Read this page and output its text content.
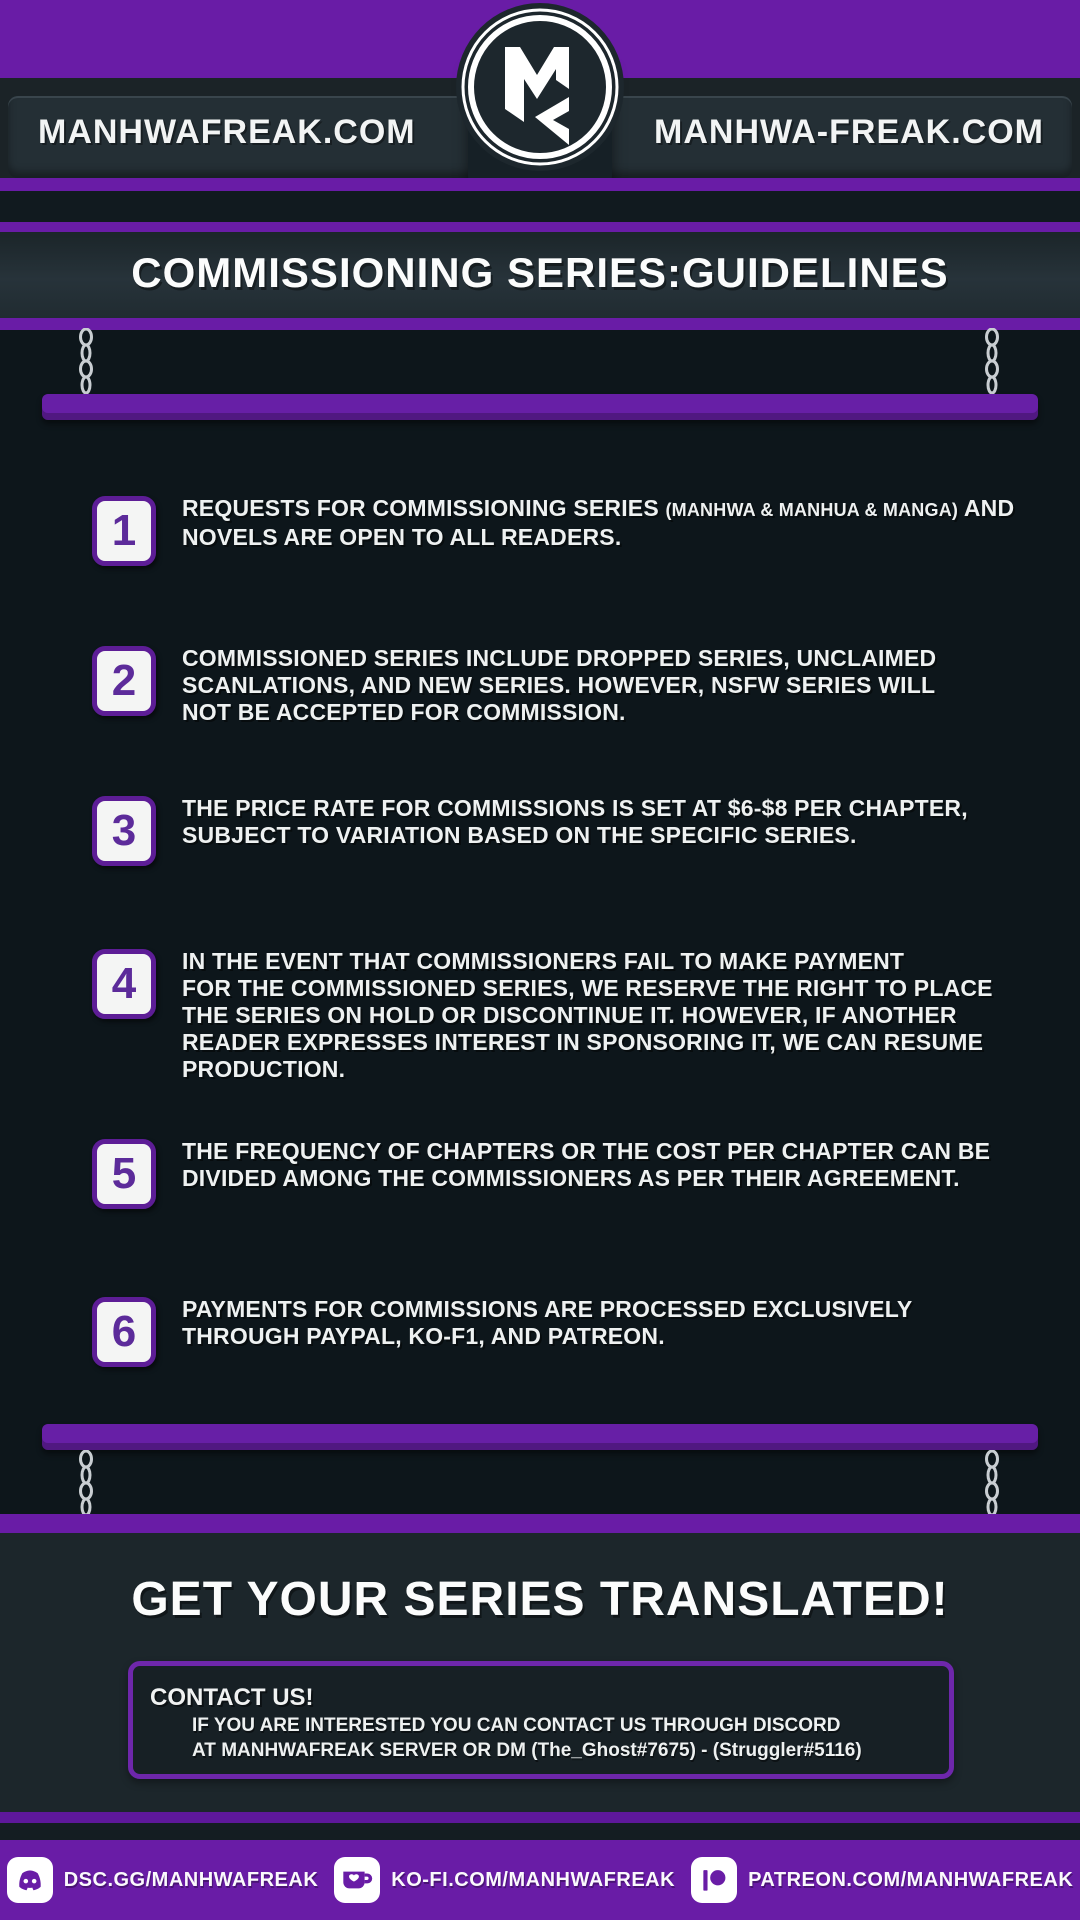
MANHWAFREAK.COM	MANHWA-FREAK.COM
COMMISSIONING SERIES:GUIDELINES
1 REQUESTS FOR COMMISSIONING SERIES (MANHWA & MANHUA & MANGA) AND
NOVELS ARE OPEN TO ALL READERS.
2 COMMISSIONED SERIES INCLUDE DROPPED SERIES, UNCLAIMED
SCANLATIONS, AND NEW SERIES. HOWEVER, NSFW SERIES WILL
NOT BE ACCEPTED FOR COMMISSION.
3 THE PRICE RATE FOR COMMISSIONS IS SET AT $6-$8 PER CHAPTER,
SUBJECT TO VARIATION BASED ON THE SPECIFIC SERIES.
4 IN THE EVENT THAT COMMISSIONERS FAIL TO MAKE PAYMENT
FOR THE COMMISSIONED SERIES, WE RESERVE THE RIGHT TO PLACE
THE SERIES ON HOLD OR DISCONTINUE IT. HOWEVER, IF ANOTHER
READER EXPRESSES INTEREST IN SPONSORING IT, WE CAN RESUME
PRODUCTION.
5 THE FREQUENCY OF CHAPTERS OR THE COST PER CHAPTER CAN BE
DIVIDED AMONG THE COMMISSIONERS AS PER THEIR AGREEMENT.
6 PAYMENTS FOR COMMISSIONS ARE PROCESSED EXCLUSIVELY
THROUGH PAYPAL, KO-F1, AND PATREON.
GET YOUR SERIES TRANSLATED!
CONTACT US!
IF YOU ARE INTERESTED YOU CAN CONTACT US THROUGH DISCORD
AT MANHWAFREAK SERVER OR DM (The_Ghost#7675) - (Struggler#5116)
DSC.GG/MANHWAFREAK	KO-FI.COM/MANHWAFREAK	PATREON.COM/MANHWAFREAK
